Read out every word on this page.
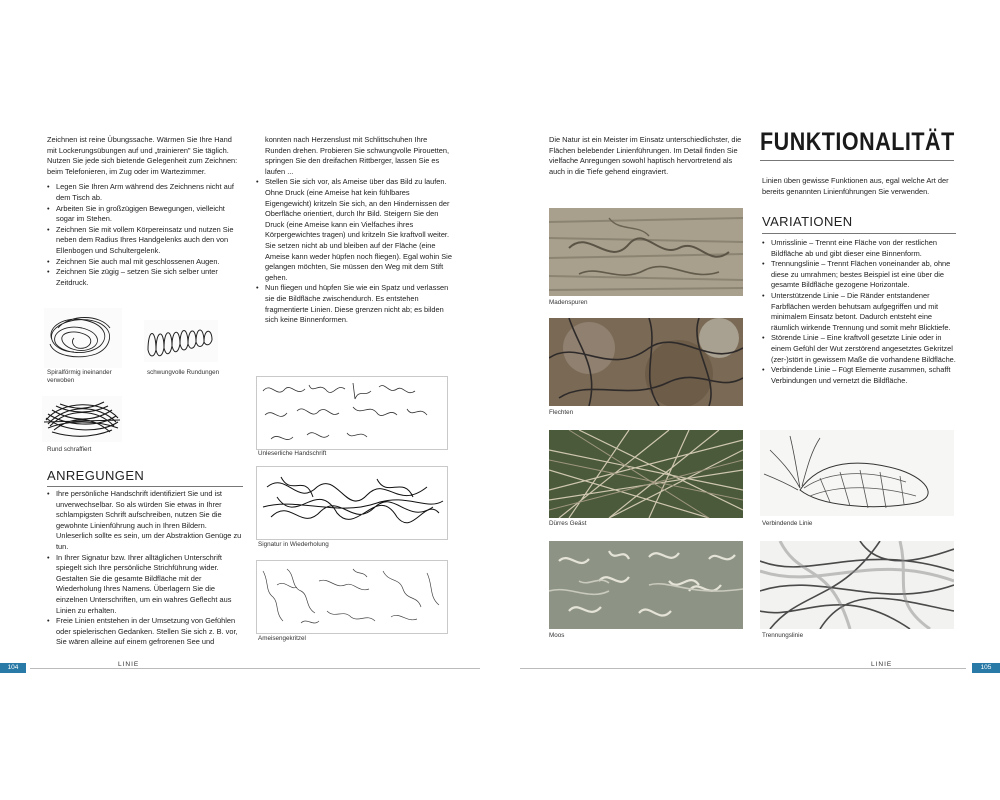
Zeichnen ist reine Übungssache. Wärmen Sie Ihre Hand mit Lockerungsübungen auf und „trainieren" Sie täglich. Nutzen Sie jede sich bietende Gelegenheit zum Zeichnen: beim Telefonieren, im Zug oder im Wartezimmer.

• Legen Sie Ihren Arm während des Zeichnens nicht auf dem Tisch ab.
• Arbeiten Sie in großzügigen Bewegungen, vielleicht sogar im Stehen.
• Zeichnen Sie mit vollem Körpereinsatz und nutzen Sie neben dem Radius Ihres Handgelenks auch den von Ellenbogen und Schultergelenk.
• Zeichnen Sie auch mal mit geschlossenen Augen.
• Zeichnen Sie zügig – setzen Sie sich selber unter Zeitdruck.
Spiralförmig ineinander verwoben
schwungvolle Rundungen
Rund schraffiert
ANREGUNGEN
• Ihre persönliche Handschrift identifiziert Sie und ist unverwechselbar. So als würden Sie etwas in Ihrer schlampigsten Schrift aufschreiben, nutzen Sie die gewohnte Linienführung auch in Ihren Bildern. Unleserlich sollte es sein, um der Abstraktion Genüge zu tun.
• In Ihrer Signatur bzw. Ihrer alltäglichen Unterschrift spiegelt sich Ihre persönliche Strichführung wider. Gestalten Sie die gesamte Bildfläche mit der Wiederholung Ihres Namens. Überlagern Sie die einzelnen Unterschriften, um ein wahres Geflecht aus Linien zu erhalten.
• Freie Linien entstehen in der Umsetzung von Gefühlen oder spielerischen Gedanken. Stellen Sie sich z. B. vor, Sie wären alleine auf einem gefrorenen See und

konnten nach Herzenslust mit Schlittschuhen Ihre Runden drehen. Probieren Sie schwungvolle Pirouetten, springen Sie den dreifachen Rittberger, lassen Sie es laufen ...

• Stellen Sie sich vor, als Ameise über das Bild zu laufen. Ohne Druck (eine Ameise hat kein fühlbares Eigengewicht) kritzeln Sie sich, an den Hindernissen der Oberfläche orientiert, durch Ihr Bild. Steigern Sie den Druck (eine Ameise kann ein Vielfaches ihres Körpergewichtes tragen) und kritzeln Sie kraftvoll weiter. Sie setzen nicht ab und bleiben auf der Fläche (eine Ameise kann weder hüpfen noch fliegen). Egal wohin Sie gelangen möchten, Sie müssen den Weg mit dem Stift gehen.
• Nun fliegen und hüpfen Sie wie ein Spatz und verlassen sie die Bildfläche zwischendurch. Es entstehen fragmentierte Linien. Diese grenzen nicht ab; es bilden sich keine Binnenformen.
Unleserliche Handschrift
Signatur in Wiederholung
Ameisengekritzel
104	LINIE
Die Natur ist ein Meister im Einsatz unterschiedlichster, die Flächen belebender Linienführungen. Im Detail finden Sie vielfache Anregungen sowohl haptisch hervortretend als auch in die Tiefe gehend eingraviert.
Madenspuren
Flechten
Dürres Geäst
Moos
FUNKTIONALITÄT
Linien üben gewisse Funktionen aus, egal welche Art der bereits genannten Linienführungen Sie verwenden.
VARIATIONEN
• Umrisslinie – Trennt eine Fläche von der restlichen Bildfläche ab und gibt dieser eine Binnenform.
• Trennungslinie – Trennt Flächen voneinander ab, ohne diese zu umrahmen; bestes Beispiel ist eine über die gesamte Bildfläche gezogene Horizontale.
• Unterstützende Linie – Die Ränder entstandener Farbflächen werden behutsam aufgegriffen und mit minimalem Einsatz betont. Dadurch entsteht eine räumlich wirkende Trennung und somit mehr Blicktiefe.
• Störende Linie – Eine kraftvoll gesetzte Linie oder in einem Gefühl der Wut zerstörend angesetztes Gekritzel (zer-)stört in gewissem Maße die vorhandene Bildfläche.
• Verbindende Linie – Fügt Elemente zusammen, schafft Verbindungen und vernetzt die Bildfläche.
Verbindende Linie
Trennungslinie
LINIE	105
